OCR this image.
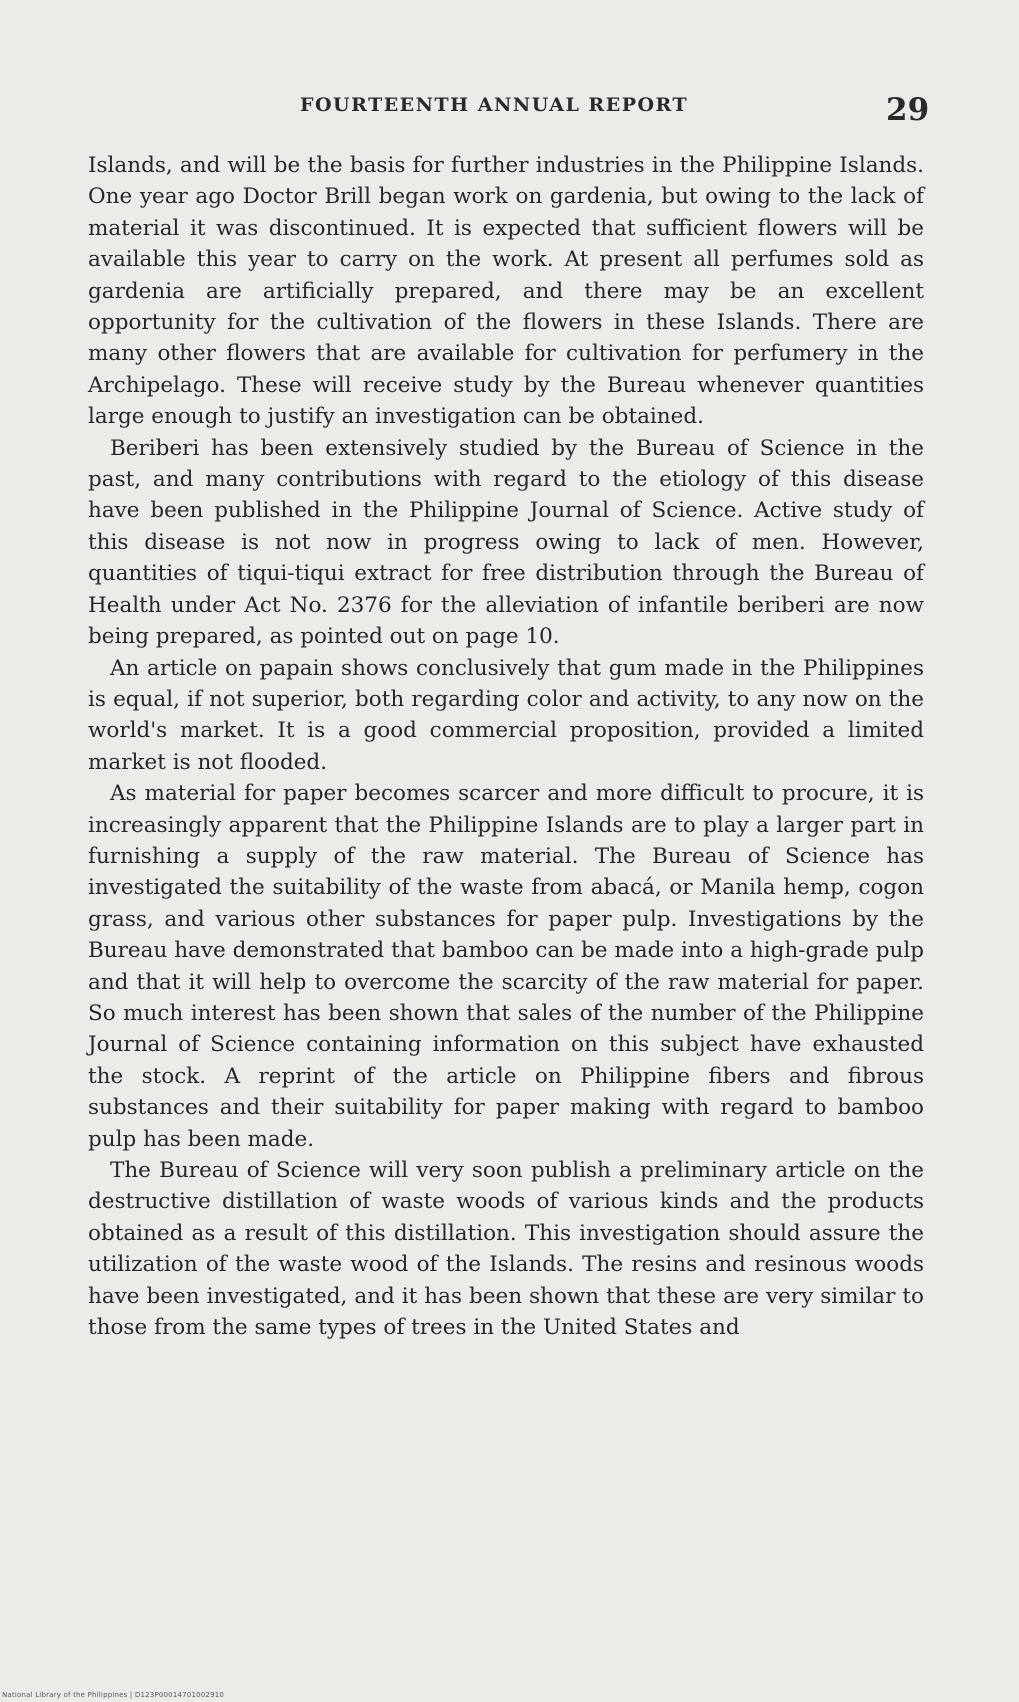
FOURTEENTH ANNUAL REPORT	29

Islands, and will be the basis for further industries in the Philippine Islands. One year ago Doctor Brill began work on gardenia, but owing to the lack of material it was discontinued. It is expected that sufficient flowers will be available this year to carry on the work. At present all perfumes sold as gardenia are artificially prepared, and there may be an excellent opportunity for the cultivation of the flowers in these Islands. There are many other flowers that are available for cultivation for perfumery in the Archipelago. These will receive study by the Bureau whenever quantities large enough to justify an investigation can be obtained.

Beriberi has been extensively studied by the Bureau of Science in the past, and many contributions with regard to the etiology of this disease have been published in the Philippine Journal of Science. Active study of this disease is not now in progress owing to lack of men. However, quantities of tiqui-tiqui extract for free distribution through the Bureau of Health under Act No. 2376 for the alleviation of infantile beriberi are now being prepared, as pointed out on page 10.

An article on papain shows conclusively that gum made in the Philippines is equal, if not superior, both regarding color and activity, to any now on the world's market. It is a good commercial proposition, provided a limited market is not flooded.

As material for paper becomes scarcer and more difficult to procure, it is increasingly apparent that the Philippine Islands are to play a larger part in furnishing a supply of the raw material. The Bureau of Science has investigated the suitability of the waste from abacá, or Manila hemp, cogon grass, and various other substances for paper pulp. Investigations by the Bureau have demonstrated that bamboo can be made into a high-grade pulp and that it will help to overcome the scarcity of the raw material for paper. So much interest has been shown that sales of the number of the Philippine Journal of Science containing information on this subject have exhausted the stock. A reprint of the article on Philippine fibers and fibrous substances and their suitability for paper making with regard to bamboo pulp has been made.

The Bureau of Science will very soon publish a preliminary article on the destructive distillation of waste woods of various kinds and the products obtained as a result of this distillation. This investigation should assure the utilization of the waste wood of the Islands. The resins and resinous woods have been investigated, and it has been shown that these are very similar to those from the same types of trees in the United States and

National Library of the Philippines | D123P00014701002910
